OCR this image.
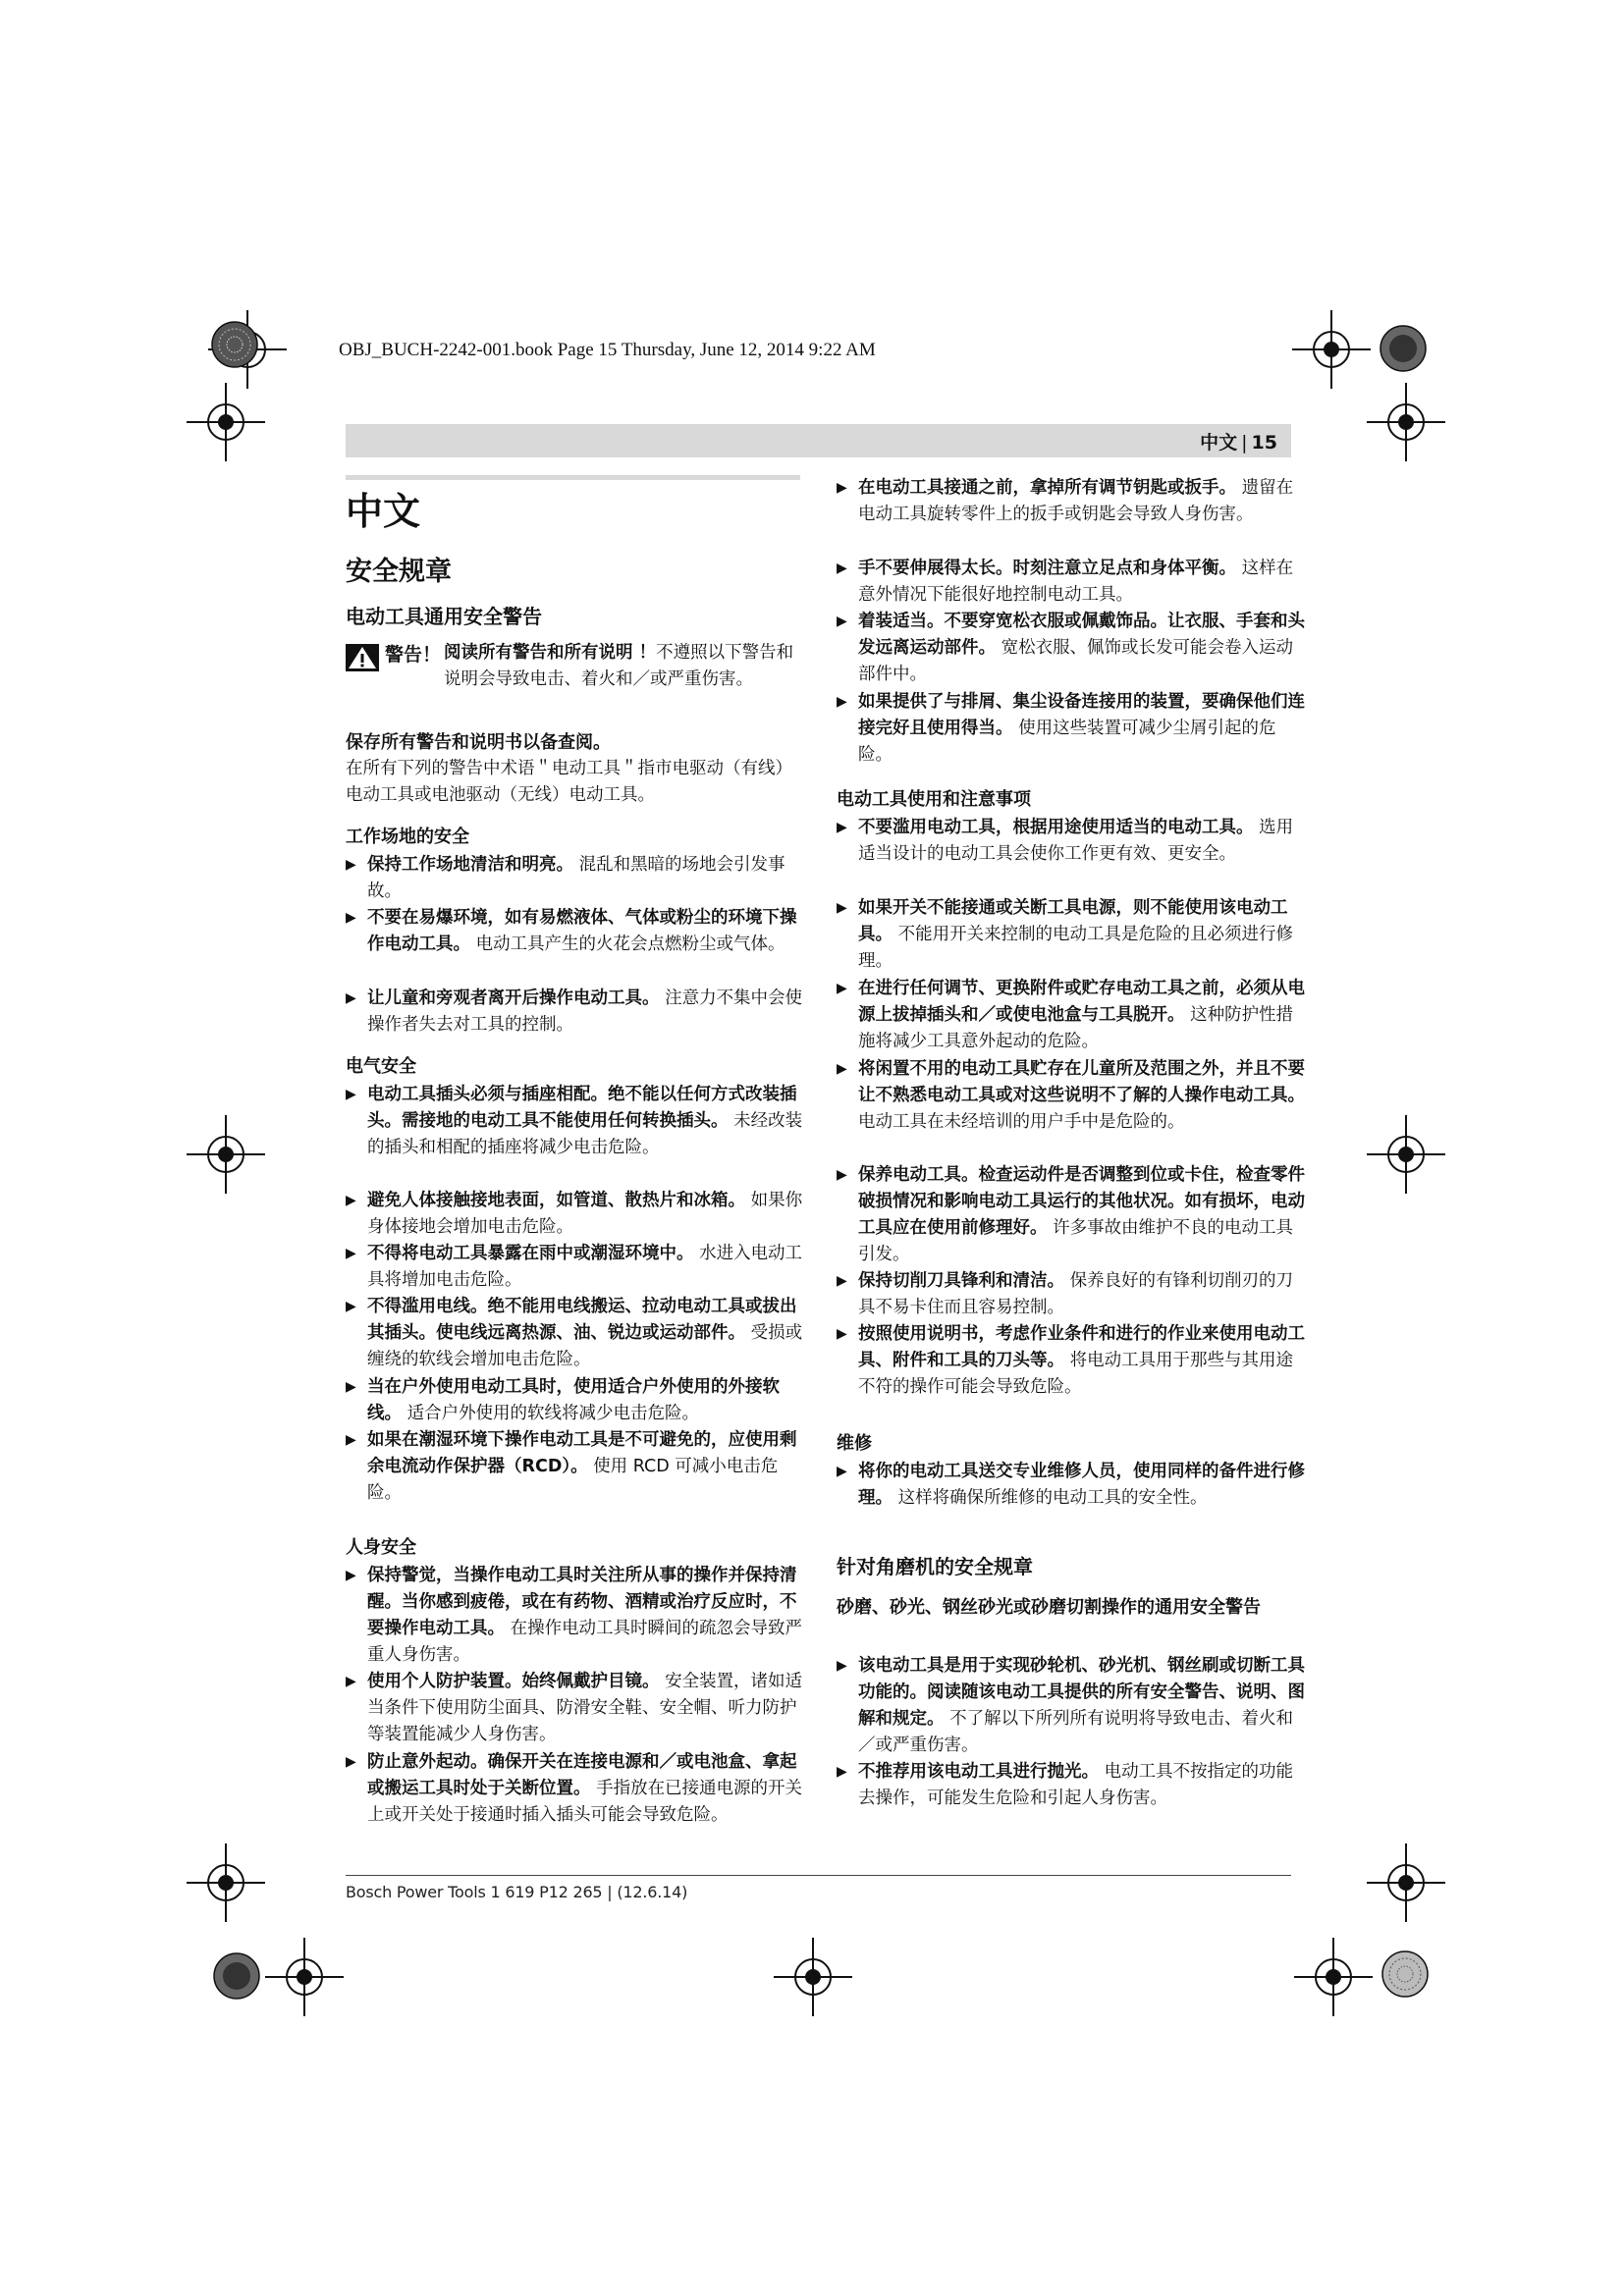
OBJ_BUCH-2242-001.book Page 15 Thursday, June 12, 2014 9:22 AM
中文 | 15
中文
安全规章
电动工具通用安全警告
警告！ 阅读所有警告和所有说明 ！不遵照以下警告和说明会导致电击、着火和／或严重伤害。

保存所有警告和说明书以备查阅。

在所有下列的警告中术语＂电动工具＂指市电驱动（有线）电动工具或电池驱动（无线）电动工具。

Bosch Power Tools 1 619 P12 265 | (12.6.14)

工作场地的安全

▶ 保持工作场地清洁和明亮。 混乱和黑暗的场地会引发事故。
▶ 不要在易爆环境，如有易燃液体、气体或粉尘的环境下操作电动工具。 电动工具产生的火花会点燃粉尘或气体。
▶ 让儿童和旁观者离开后操作电动工具。 注意力不集中会使操作者失去对工具的控制。

电气安全

▶ 电动工具插头必须与插座相配。绝不能以任何方式改装插头。需接地的电动工具不能使用任何转换插头。 未经改装的插头和相配的插座将减少电击危险。
▶ 避免人体接触接地表面，如管道、散热片和冰箱。 如果你身体接地会增加电击危险。
▶ 不得将电动工具暴露在雨中或潮湿环境中。 水进入电动工具将增加电击危险。
▶ 不得滥用电线。绝不能用电线搬运、拉动电动工具或拔出其插头。使电线远离热源、油、锐边或运动部件。 受损或缠绕的软线会增加电击危险。
▶ 当在户外使用电动工具时，使用适合户外使用的外接软线。 适合户外使用的软线将减少电击危险。
▶ 如果在潮湿环境下操作电动工具是不可避免的，应使用剩余电流动作保护器（RCD）。 使用 RCD 可减小电击危险。

人身安全

▶ 保持警觉，当操作电动工具时关注所从事的操作并保持清醒。当你感到疲倦，或在有药物、酒精或治疗反应时，不要操作电动工具。 在操作电动工具时瞬间的疏忽会导致严重人身伤害。
▶ 使用个人防护装置。始终佩戴护目镜。 安全装置，诸如适当条件下使用防尘面具、防滑安全鞋、安全帽、听力防护等装置能减少人身伤害。
▶ 防止意外起动。确保开关在连接电源和／或电池盒、拿起或搬运工具时处于关断位置。 手指放在已接通电源的开关上或开关处于接通时插入插头可能会导致危险。
▶ 在电动工具接通之前，拿掉所有调节钥匙或扳手。 遗留在电动工具旋转零件上的扳手或钥匙会导致人身伤害。
▶ 手不要伸展得太长。时刻注意立足点和身体平衡。 这样在意外情况下能很好地控制电动工具。
▶ 着装适当。不要穿宽松衣服或佩戴饰品。让衣服、手套和头发远离运动部件。 宽松衣服、佩饰或长发可能会卷入运动部件中。
▶ 如果提供了与排屑、集尘设备连接用的装置，要确保他们连接完好且使用得当。 使用这些装置可减少尘屑引起的危险。

电动工具使用和注意事项

▶ 不要滥用电动工具，根据用途使用适当的电动工具。 选用适当设计的电动工具会使你工作更有效、更安全。
▶ 如果开关不能接通或关断工具电源，则不能使用该电动工具。 不能用开关来控制的电动工具是危险的且必须进行修理。
▶ 在进行任何调节、更换附件或贮存电动工具之前，必须从电源上拔掉插头和／或使电池盒与工具脱开。 这种防护性措施将减少工具意外起动的危险。
▶ 将闲置不用的电动工具贮存在儿童所及范围之外，并且不要让不熟悉电动工具或对这些说明不了解的人操作电动工具。 电动工具在未经培训的用户手中是危险的。
▶ 保养电动工具。检查运动件是否调整到位或卡住，检查零件破损情况和影响电动工具运行的其他状况。如有损坏，电动工具应在使用前修理好。 许多事故由维护不良的电动工具引发。
▶ 保持切削刀具锋利和清洁。 保养良好的有锋利切削刃的刀具不易卡住而且容易控制。
▶ 按照使用说明书，考虑作业条件和进行的作业来使用电动工具、附件和工具的刀头等。 将电动工具用于那些与其用途不符的操作可能会导致危险。

维修

▶ 将你的电动工具送交专业维修人员，使用同样的备件进行修理。 这样将确保所维修的电动工具的安全性。

针对角磨机的安全规章

砂磨、砂光、钢丝砂光或砂磨切割操作的通用安全警告

▶ 该电动工具是用于实现砂轮机、砂光机、钢丝刷或切断工具功能的。阅读随该电动工具提供的所有安全警告、说明、图解和规定。 不了解以下所列所有说明将导致电击、着火和／或严重伤害。
▶ 不推荐用该电动工具进行抛光。 电动工具不按指定的功能去操作，可能发生危险和引起人身伤害。
